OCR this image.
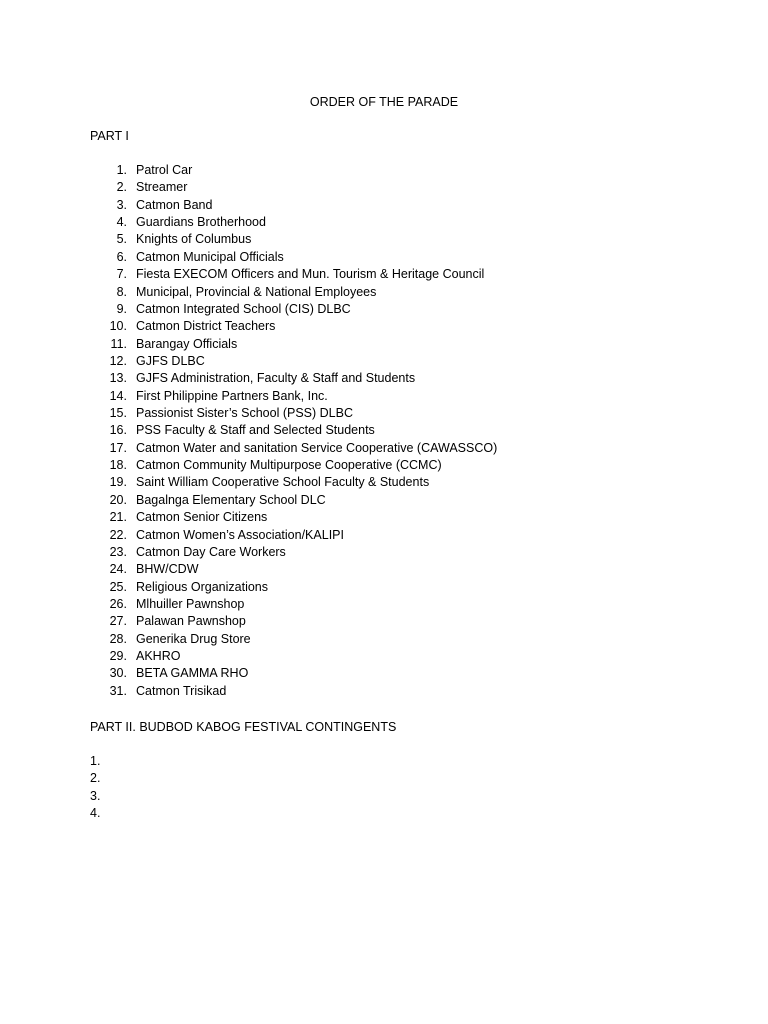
ORDER OF THE PARADE
PART I
1. Patrol Car
2. Streamer
3. Catmon Band
4. Guardians Brotherhood
5. Knights of Columbus
6. Catmon Municipal Officials
7. Fiesta EXECOM Officers and Mun. Tourism & Heritage Council
8. Municipal, Provincial & National Employees
9. Catmon Integrated School (CIS) DLBC
10. Catmon District Teachers
11. Barangay Officials
12. GJFS DLBC
13. GJFS Administration, Faculty & Staff and Students
14. First Philippine Partners Bank, Inc.
15. Passionist Sister’s School (PSS) DLBC
16. PSS Faculty & Staff and Selected Students
17. Catmon Water and sanitation Service Cooperative (CAWASSCO)
18. Catmon Community Multipurpose Cooperative (CCMC)
19. Saint William Cooperative School Faculty & Students
20. Bagalnga Elementary School DLC
21. Catmon Senior Citizens
22. Catmon Women’s Association/KALIPI
23. Catmon Day Care Workers
24. BHW/CDW
25. Religious Organizations
26. Mlhuiller Pawnshop
27. Palawan Pawnshop
28. Generika Drug Store
29. AKHRO
30. BETA GAMMA RHO
31. Catmon Trisikad
PART II. BUDBOD KABOG FESTIVAL CONTINGENTS
1.
2.
3.
4.
